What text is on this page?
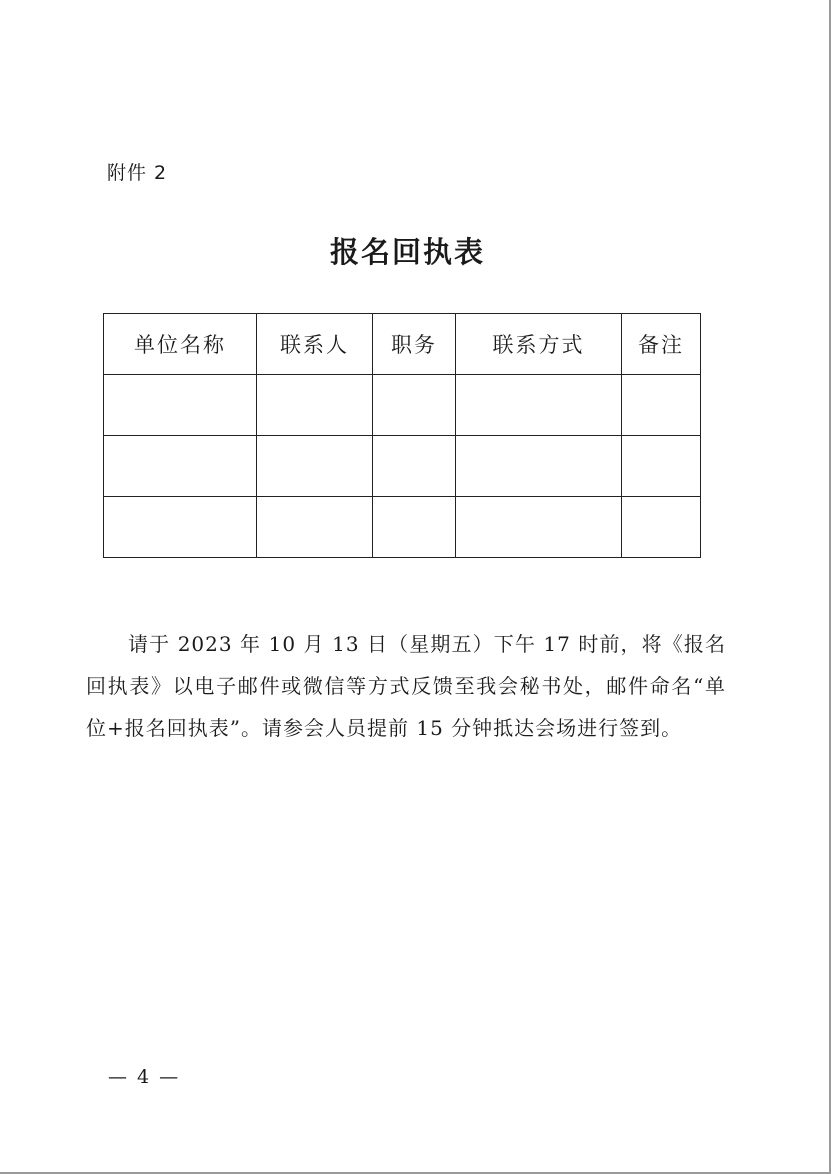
附件 2
报名回执表
单位名称	联系人	职务	联系方式	备注

请于 2023 年 10 月 13 日（星期五）下午 17 时前，将《报名回执表》以电子邮件或微信等方式反馈至我会秘书处，邮件命名“单位+报名回执表”。请参会人员提前 15 分钟抵达会场进行签到。

— 4 —
